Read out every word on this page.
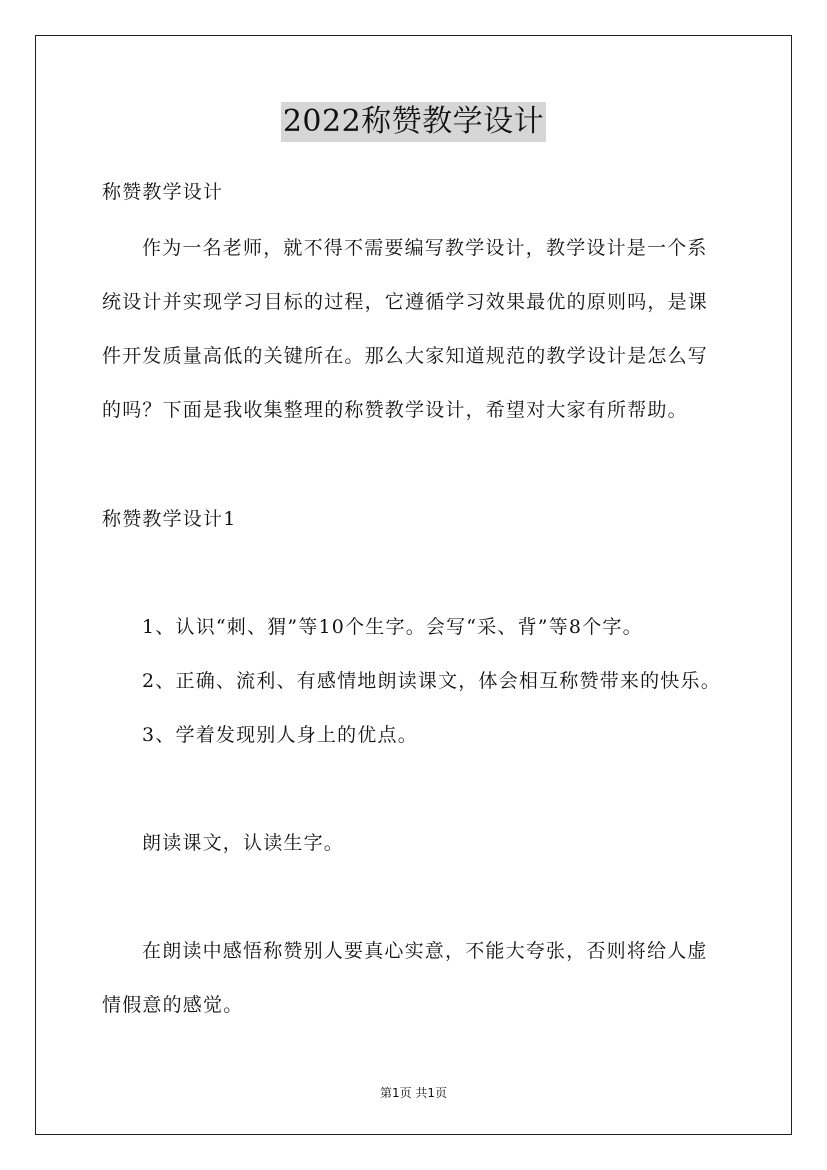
2022称赞教学设计
称赞教学设计
作为一名老师，就不得不需要编写教学设计，教学设计是一个系
统设计并实现学习目标的过程，它遵循学习效果最优的原则吗，是课
件开发质量高低的关键所在。那么大家知道规范的教学设计是怎么写
的吗？下面是我收集整理的称赞教学设计，希望对大家有所帮助。
称赞教学设计1
1、认识“刺、猬”等10个生字。会写“采、背”等8个字。
2、正确、流利、有感情地朗读课文，体会相互称赞带来的快乐。
3、学着发现别人身上的优点。
朗读课文，认读生字。
在朗读中感悟称赞别人要真心实意，不能大夸张，否则将给人虚
情假意的感觉。
第1页 共1页
